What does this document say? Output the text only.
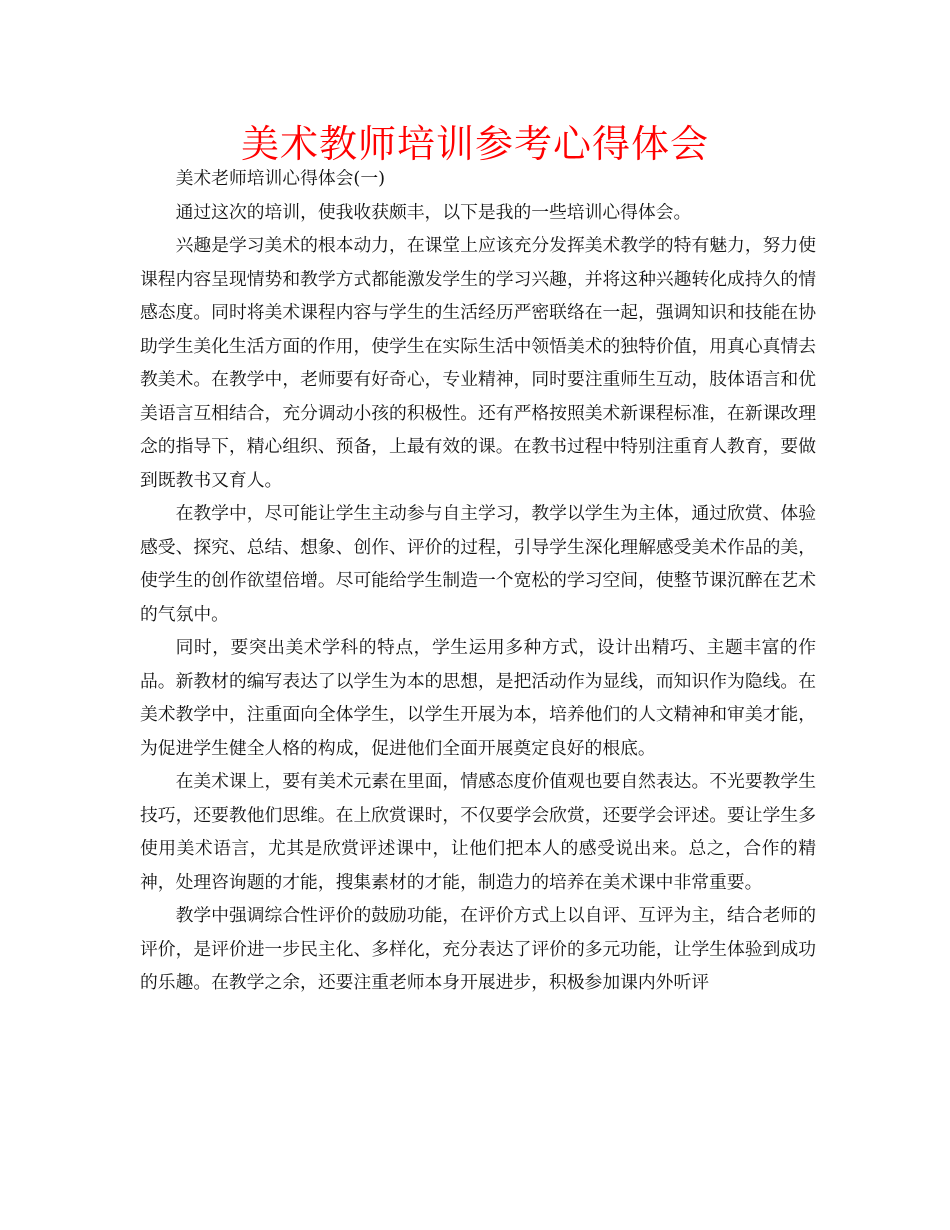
美术教师培训参考心得体会

美术老师培训心得体会(一)

通过这次的培训，使我收获颇丰，以下是我的一些培训心得体会。

兴趣是学习美术的根本动力，在课堂上应该充分发挥美术教学的特有魅力，努力使课程内容呈现情势和教学方式都能激发学生的学习兴趣，并将这种兴趣转化成持久的情感态度。同时将美术课程内容与学生的生活经历严密联络在一起，强调知识和技能在协助学生美化生活方面的作用，使学生在实际生活中领悟美术的独特价值，用真心真情去教美术。在教学中，老师要有好奇心，专业精神，同时要注重师生互动，肢体语言和优美语言互相结合，充分调动小孩的积极性。还有严格按照美术新课程标准，在新课改理念的指导下，精心组织、预备，上最有效的课。在教书过程中特别注重育人教育，要做到既教书又育人。

在教学中，尽可能让学生主动参与自主学习，教学以学生为主体，通过欣赏、体验感受、探究、总结、想象、创作、评价的过程，引导学生深化理解感受美术作品的美，使学生的创作欲望倍增。尽可能给学生制造一个宽松的学习空间，使整节课沉醉在艺术的气氛中。

同时，要突出美术学科的特点，学生运用多种方式，设计出精巧、主题丰富的作品。新教材的编写表达了以学生为本的思想，是把活动作为显线，而知识作为隐线。在美术教学中，注重面向全体学生，以学生开展为本，培养他们的人文精神和审美才能，为促进学生健全人格的构成，促进他们全面开展奠定良好的根底。

在美术课上，要有美术元素在里面，情感态度价值观也要自然表达。不光要教学生技巧，还要教他们思维。在上欣赏课时，不仅要学会欣赏，还要学会评述。要让学生多使用美术语言，尤其是欣赏评述课中，让他们把本人的感受说出来。总之，合作的精神，处理咨询题的才能，搜集素材的才能，制造力的培养在美术课中非常重要。

教学中强调综合性评价的鼓励功能，在评价方式上以自评、互评为主，结合老师的评价，是评价进一步民主化、多样化，充分表达了评价的多元功能，让学生体验到成功的乐趣。在教学之余，还要注重老师本身开展进步，积极参加课内外听评
